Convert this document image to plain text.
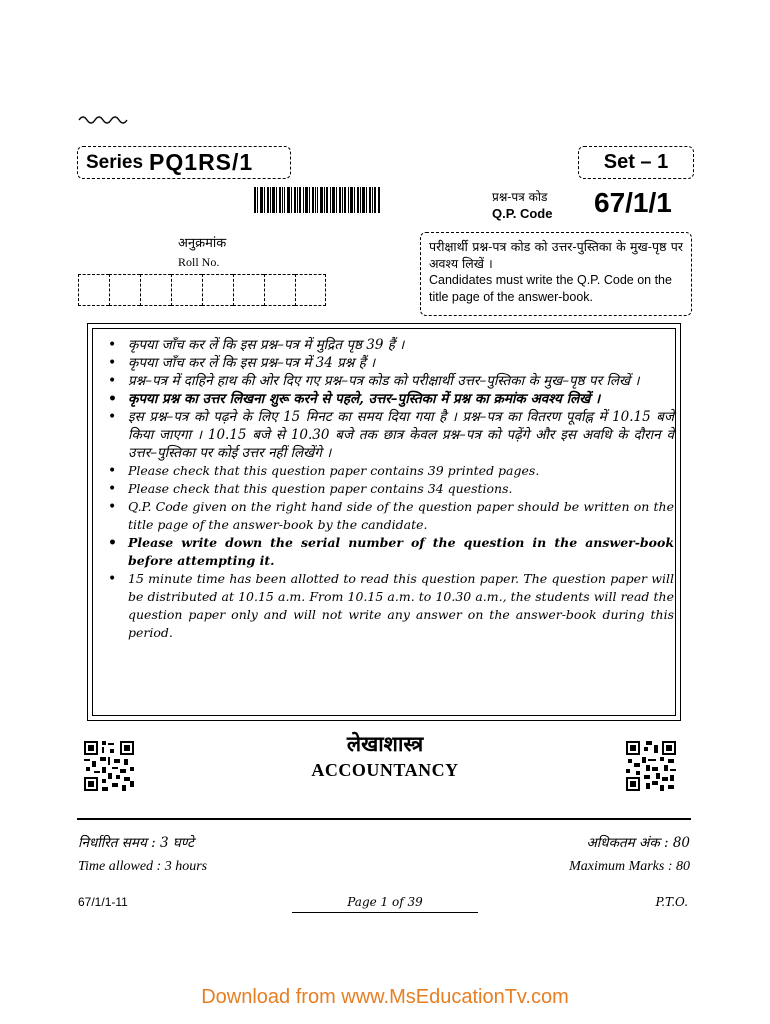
Series PQ1RS/1	Set – 1
प्रश्न-पत्र कोड
Q.P. Code 67/1/1
अनुक्रमांक
Roll No.
परीक्षार्थी प्रश्न-पत्र कोड को उत्तर-पुस्तिका के मुख-पृष्ठ पर अवश्य लिखें ।
Candidates must write the Q.P. Code on the title page of the answer-book.
• कृपया जाँच कर लें कि इस प्रश्न–पत्र में मुद्रित पृष्ठ 39 हैं ।
• कृपया जाँच कर लें कि इस प्रश्न–पत्र में 34 प्रश्न हैं ।
• प्रश्न–पत्र में दाहिने हाथ की ओर दिए गए प्रश्न–पत्र कोड को परीक्षार्थी उत्तर–पुस्तिका के मुख–पृष्ठ पर लिखें ।
• कृपया प्रश्न का उत्तर लिखना शुरू करने से पहले, उत्तर–पुस्तिका में प्रश्न का क्रमांक अवश्य लिखें ।
• इस प्रश्न–पत्र को पढ़ने के लिए 15 मिनट का समय दिया गया है । प्रश्न–पत्र का वितरण पूर्वाह्न में 10.15 बजे किया जाएगा । 10.15 बजे से 10.30 बजे तक छात्र केवल प्रश्न–पत्र को पढ़ेंगे और इस अवधि के दौरान वे उत्तर–पुस्तिका पर कोई उत्तर नहीं लिखेंगे ।
• Please check that this question paper contains 39 printed pages.
• Please check that this question paper contains 34 questions.
• Q.P. Code given on the right hand side of the question paper should be written on the title page of the answer-book by the candidate.
• Please write down the serial number of the question in the answer-book before attempting it.
• 15 minute time has been allotted to read this question paper. The question paper will be distributed at 10.15 a.m. From 10.15 a.m. to 10.30 a.m., the students will read the question paper only and will not write any answer on the answer-book during this period.
लेखाशास्त्र
ACCOUNTANCY
निर्धारित समय : 3 घण्टे
Time allowed : 3 hours
अधिकतम अंक : 80
Maximum Marks : 80
67/1/1-11	Page 1 of 39	P.T.O.
Download from www.MsEducationTv.com
